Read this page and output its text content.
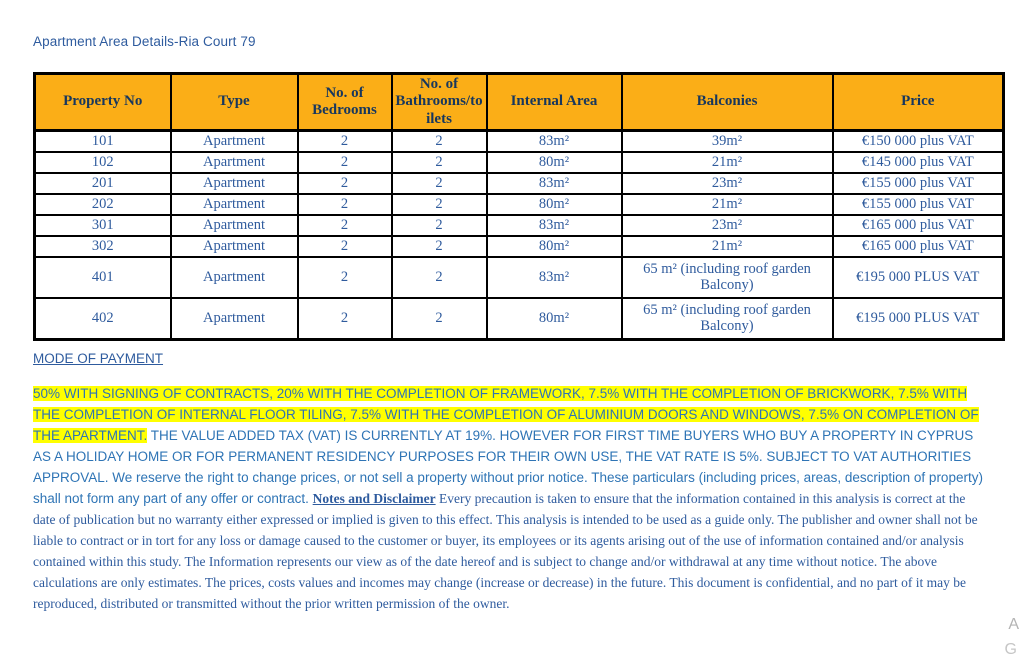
Apartment Area Details-Ria Court 79
Property No	Type	No. of Bedrooms	No. of Bathrooms/toilets	Internal Area	Balconies	Price
101	Apartment	2	2	83m²	39m²	€150 000 plus VAT
102	Apartment	2	2	80m²	21m²	€145 000 plus VAT
201	Apartment	2	2	83m²	23m²	€155 000 plus VAT
202	Apartment	2	2	80m²	21m²	€155 000 plus VAT
301	Apartment	2	2	83m²	23m²	€165 000 plus VAT
302	Apartment	2	2	80m²	21m²	€165 000 plus VAT
401	Apartment	2	2	83m²	65 m² (including roof garden Balcony)	€195 000 PLUS VAT
402	Apartment	2	2	80m²	65 m² (including roof garden Balcony)	€195 000 PLUS VAT
MODE OF PAYMENT
50% WITH SIGNING OF CONTRACTS, 20% WITH THE COMPLETION OF FRAMEWORK, 7.5% WITH THE COMPLETION OF BRICKWORK, 7.5% WITH THE COMPLETION OF INTERNAL FLOOR TILING, 7.5% WITH THE COMPLETION OF ALUMINIUM DOORS AND WINDOWS, 7.5% ON COMPLETION OF THE APARTMENT. THE VALUE ADDED TAX (VAT) IS CURRENTLY AT 19%. HOWEVER FOR FIRST TIME BUYERS WHO BUY A PROPERTY IN CYPRUS AS A HOLIDAY HOME OR FOR PERMANENT RESIDENCY PURPOSES FOR THEIR OWN USE, THE VAT RATE IS 5%. SUBJECT TO VAT AUTHORITIES APPROVAL. We reserve the right to change prices, or not sell a property without prior notice. These particulars (including prices, areas, description of property) shall not form any part of any offer or contract. Notes and Disclaimer Every precaution is taken to ensure that the information contained in this analysis is correct at the date of publication but no warranty either expressed or implied is given to this effect. This analysis is intended to be used as a guide only. The publisher and owner shall not be liable to contract or in tort for any loss or damage caused to the customer or buyer, its employees or its agents arising out of the use of information contained and/or analysis contained within this study. The Information represents our view as of the date hereof and is subject to change and/or withdrawal at any time without notice. The above calculations are only estimates. The prices, costs values and incomes may change (increase or decrease) in the future. This document is confidential, and no part of it may be reproduced, distributed or transmitted without the prior written permission of the owner.
A
G
